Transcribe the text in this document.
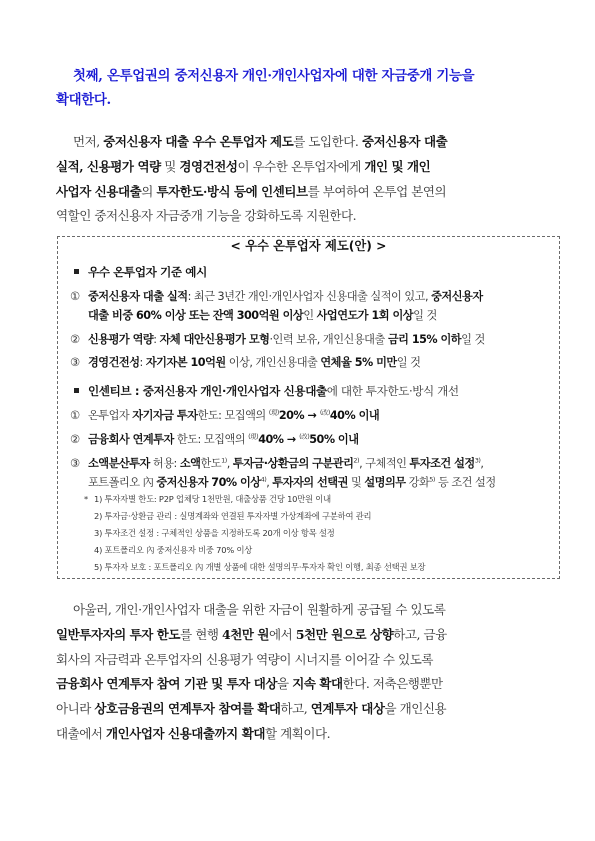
첫째, 온투업권의 중저신용자 개인·개인사업자에 대한 자금중개 기능을
확대한다.
먼저, 중저신용자 대출 우수 온투업자 제도를 도입한다. 중저신용자 대출
실적, 신용평가 역량 및 경영건전성이 우수한 온투업자에게 개인 및 개인
사업자 신용대출의 투자한도·방식 등에 인센티브를 부여하여 온투업 본연의
역할인 중저신용자 자금중개 기능을 강화하도록 지원한다.
< 우수 온투업자 제도(안) >
우수 온투업자 기준 예시
① 중저신용자 대출 실적: 최근 3년간 개인·개인사업자 신용대출 실적이 있고, 중저신용자
대출 비중 60% 이상 또는 잔액 300억원 이상인 사업연도가 1회 이상일 것
② 신용평가 역량: 자체 대안신용평가 모형·인력 보유, 개인신용대출 금리 15% 이하일 것
③ 경영건전성: 자기자본 10억원 이상, 개인신용대출 연체율 5% 미만일 것
인센티브 : 중저신용자 개인·개인사업자 신용대출에 대한 투자한도·방식 개선
① 온투업자 자기자금 투자한도: 모집액의 $^{(現)}$20% → $^{(改)}$40% 이내
② 금융회사 연계투자 한도: 모집액의 $^{(現)}$40% → $^{(改)}$50% 이내
③ 소액분산투자 허용: 소액한도$^{1)}$, 투자금·상환금의 구분관리$^{2)}$, 구체적인 투자조건 설정$^{3)}$,
포트폴리오 內 중저신용자 70% 이상$^{4)}$, 투자자의 선택권 및 설명의무 강화$^{5)}$ 등 조건 설정
*1) 투자자별 한도: P2P 업체당 1천만원, 대출상품 건당 10만원 이내
2) 투자금·상환금 관리 : 실명계좌와 연결된 투자자별 가상계좌에 구분하여 관리
3) 투자조건 설정 : 구체적인 상품을 지정하도록 20개 이상 항목 설정
4) 포트폴리오 內 중저신용자 비중 70% 이상
5) 투자자 보호 : 포트폴리오 內 개별 상품에 대한 설명의무·투자자 확인 이행, 최종 선택권 보장
아울러, 개인·개인사업자 대출을 위한 자금이 원활하게 공급될 수 있도록
일반투자자의 투자 한도를 현행 4천만 원에서 5천만 원으로 상향하고, 금융
회사의 자금력과 온투업자의 신용평가 역량이 시너지를 이어갈 수 있도록
금융회사 연계투자 참여 기관 및 투자 대상을 지속 확대한다. 저축은행뿐만
아니라 상호금융권의 연계투자 참여를 확대하고, 연계투자 대상을 개인신용
대출에서 개인사업자 신용대출까지 확대할 계획이다.
